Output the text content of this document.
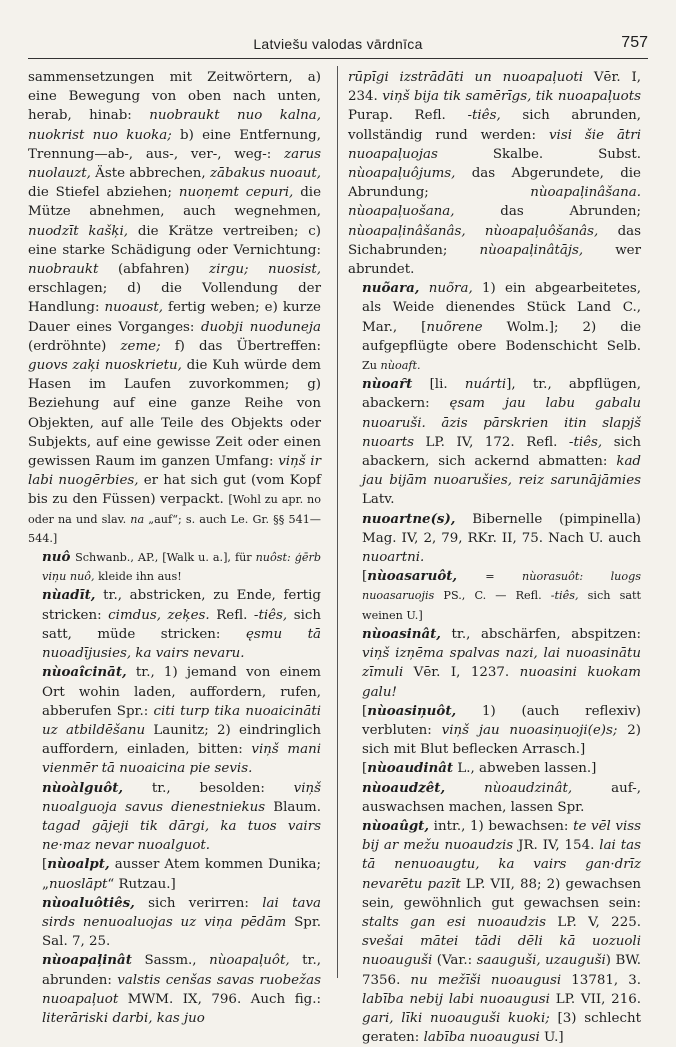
Latviešu valodas vārdnīca	757

sammensetzungen mit Zeitwörtern, a) eine Bewegung von oben nach unten, herab, hinab: nuobraukt nuo kalna, nuokrist nuo kuoka; b) eine Entfernung, Trennung—ab-, aus-, ver-, weg-: zarus nuolauzt, Äste abbrechen, zābakus nuoaut, die Stiefel abziehen; nuoņemt cepuri, die Mütze abnehmen, auch wegnehmen, nuodzīt kašķi, die Krätze vertreiben; c) eine starke Schädigung oder Vernichtung: nuobraukt (abfahren) zirgu; nuosist, erschlagen; d) die Vollendung der Handlung: nuoaust, fertig weben; e) kurze Dauer eines Vorganges: duobji nuoduneja (erdröhnte) zeme; f) das Übertreffen: guovs zaķi nuoskrietu, die Kuh würde dem Hasen im Laufen zuvorkommen; g) Beziehung auf eine ganze Reihe von Objekten, auf alle Teile des Objekts oder Subjekts, auf eine gewisse Zeit oder einen gewissen Raum im ganzen Umfang: viņš ir labi nuogērbies, er hat sich gut (vom Kopf bis zu den Füssen) verpackt. [Wohl zu apr. no oder na und slav. na „auf“; s. auch Le. Gr. §§ 541—544.]

nuô Schwanb., AP., [Walk u. a.], für nuôst: ģērb viņu nuô, kleide ihn aus!

nùadīt, tr., abstricken, zu Ende, fertig stricken: cimdus, zeķes. Refl. -tiês, sich satt, müde stricken: ęsmu tā nuoadījusies, ka vairs nevaru.

nùoaîcināt, tr., 1) jemand von einem Ort wohin laden, auffordern, rufen, abberufen Spr.: citi turp tika nuoaicināti uz atbildēšanu Launitz; 2) eindringlich auffordern, einladen, bitten: viņš mani vienmēr tā nuoaicina pie sevis.

nùoàlguôt, tr., besolden: viņš nuoalguoja savus dienestniekus Blaum. tagad gājeji tik dārgi, ka tuos vairs ne·maz nevar nuoalguot.

[nùoalpt, ausser Atem kommen Dunika; „nuoslāpt“ Rutzau.]

nùoaluôtiês, sich verirren: lai tava sirds nenuoaluojas uz viņa pēdām Spr. Sal. 7, 25.

nùoapaļinât Sassm., nùoapaļuôt, tr., abrunden: valstis cenšas savas ruobežas nuoapaļuot MWM. IX, 796. Auch fig.: literāriski darbi, kas juo

rūpīgi izstrādāti un nuoapaļuoti Vēr. I, 234. viņš bija tik samērīgs, tik nuoapaļuots Purap. Refl. -tiês, sich abrunden, vollständig rund werden: visi šie ātri nuoapaļuojas Skalbe. Subst. nùoapaļuôjums, das Abgerundete, die Abrundung; nùoapaļinâšana. nùoapaļuošana, das Abrunden; nùoapaļinâšanâs, nùoapaļuôšanâs, das Sichabrunden; nùoapaļinâtājs, wer abrundet.

nuõara, nuõra, 1) ein abgearbeitetes, als Weide dienendes Stück Land C., Mar., [nuõrene Wolm.]; 2) die aufgepflügte obere Bodenschicht Selb. Zu nùoaft.

nùoaȓt [li. nuárti], tr., abpflügen, abackern: ęsam jau labu gabalu nuoaruši. āzis pārskrien itin slapjš nuoarts LP. IV, 172. Refl. -tiês, sich abackern, sich ackernd abmatten: kad jau bijām nuoarušies, reiz sarunājāmies Latv.

nuoartne(s), Bibernelle (pimpinella) Mag. IV, 2, 79, RKr. II, 75. Nach U. auch nuoartni.

[nùoasaruôt,	= nùorasuôt: luogs nuoasaruojis PS., C. — Refl. -tiês, sich satt weinen U.]

nùoasinât, tr., abschärfen, abspitzen: viņš izņēma spalvas nazi, lai nuoasinātu zīmuli Vēr. I, 1237. nuoasini kuokam galu!

[nùoasiņuôt, 1) (auch reflexiv) verbluten: viņš jau nuoasiņuoji(e)s; 2) sich mit Blut beflecken Arrasch.]

[nùoaudinât L., abweben lassen.]

nùoaudzêt,	nùoaudzinât, auf-, auswachsen machen, lassen Spr.

nùoaûgt, intr., 1) bewachsen: te vēl viss bij ar mežu nuoaudzis JR. IV, 154. lai tas tā nenuoaugtu, ka vairs gan·drīz nevarētu pazīt LP. VII, 88; 2) gewachsen sein, gewöhnlich gut gewachsen sein: stalts gan esi nuoaudzis LP. V, 225. svešai mātei tādi dēli kā uozuoli nuoauguši (Var.: saauguši, uzauguši) BW. 7356. nu mežīši nuoaugusi 13781, 3. labība nebij labi nuoaugusi LP. VII, 216. gari, līki nuoauguši kuoki; [3) schlecht geraten: labība nuoaugusi U.]
